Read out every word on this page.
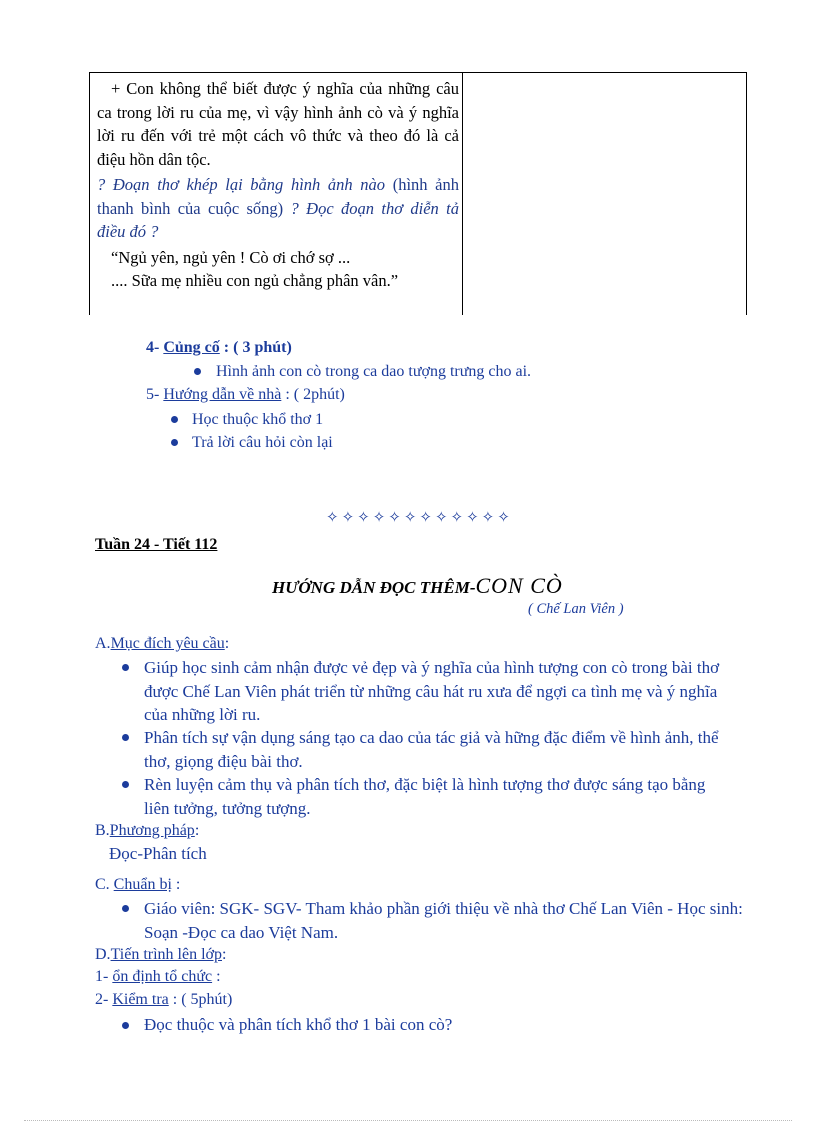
+ Con không thể biết được ý nghĩa của những câu ca trong lời ru của mẹ, vì vậy hình ảnh cò và ý nghĩa lời ru đến với trẻ một cách vô thức và theo đó là cả điệu hồn dân tộc.

? Đoạn thơ khép lại bằng hình ảnh nào (hình ảnh thanh bình của cuộc sống) ? Đọc đoạn thơ diễn tả điều đó ?

“Ngủ yên, ngủ yên ! Cò ơi chớ sợ ...

.... Sữa mẹ nhiều con ngủ chẳng phân vân.”

4- Củng cố : ( 3 phút)
Hình ảnh con cò trong ca dao tượng trưng cho ai.
5- Hướng dẫn về nhà : ( 2phút)
Học thuộc khổ thơ 1
Trả lời câu hỏi còn lại
✧✧✧✧✧✧✧✧✧✧✧✧
Tuần 24 - Tiết 112
HƯỚNG DẪN ĐỌC THÊM-CON CÒ
( Chế Lan Viên )
A.Mục đích yêu cầu:
Giúp học sinh cảm nhận được vẻ đẹp và ý nghĩa của hình tượng con cò trong bài thơ được Chế Lan Viên phát triển từ những câu hát ru xưa để ngợi ca tình mẹ và ý nghĩa của những lời ru.
Phân tích sự vận dụng sáng tạo ca dao của tác giả và hững đặc điểm về hình ảnh, thể thơ, giọng điệu bài thơ.
Rèn luyện cảm thụ và phân tích thơ, đặc biệt là hình tượng thơ được sáng tạo bằng liên tưởng, tưởng tượng.
B.Phương pháp:
Đọc-Phân tích
C. Chuẩn bị :
Giáo viên: SGK- SGV- Tham khảo phần giới thiệu về nhà thơ Chế Lan Viên - Học sinh: Soạn -Đọc ca dao Việt Nam.
D.Tiến trình lên lớp:
1- ổn định tổ chức :
2- Kiểm tra : ( 5phút)
Đọc thuộc và phân tích khổ thơ 1 bài con cò?
